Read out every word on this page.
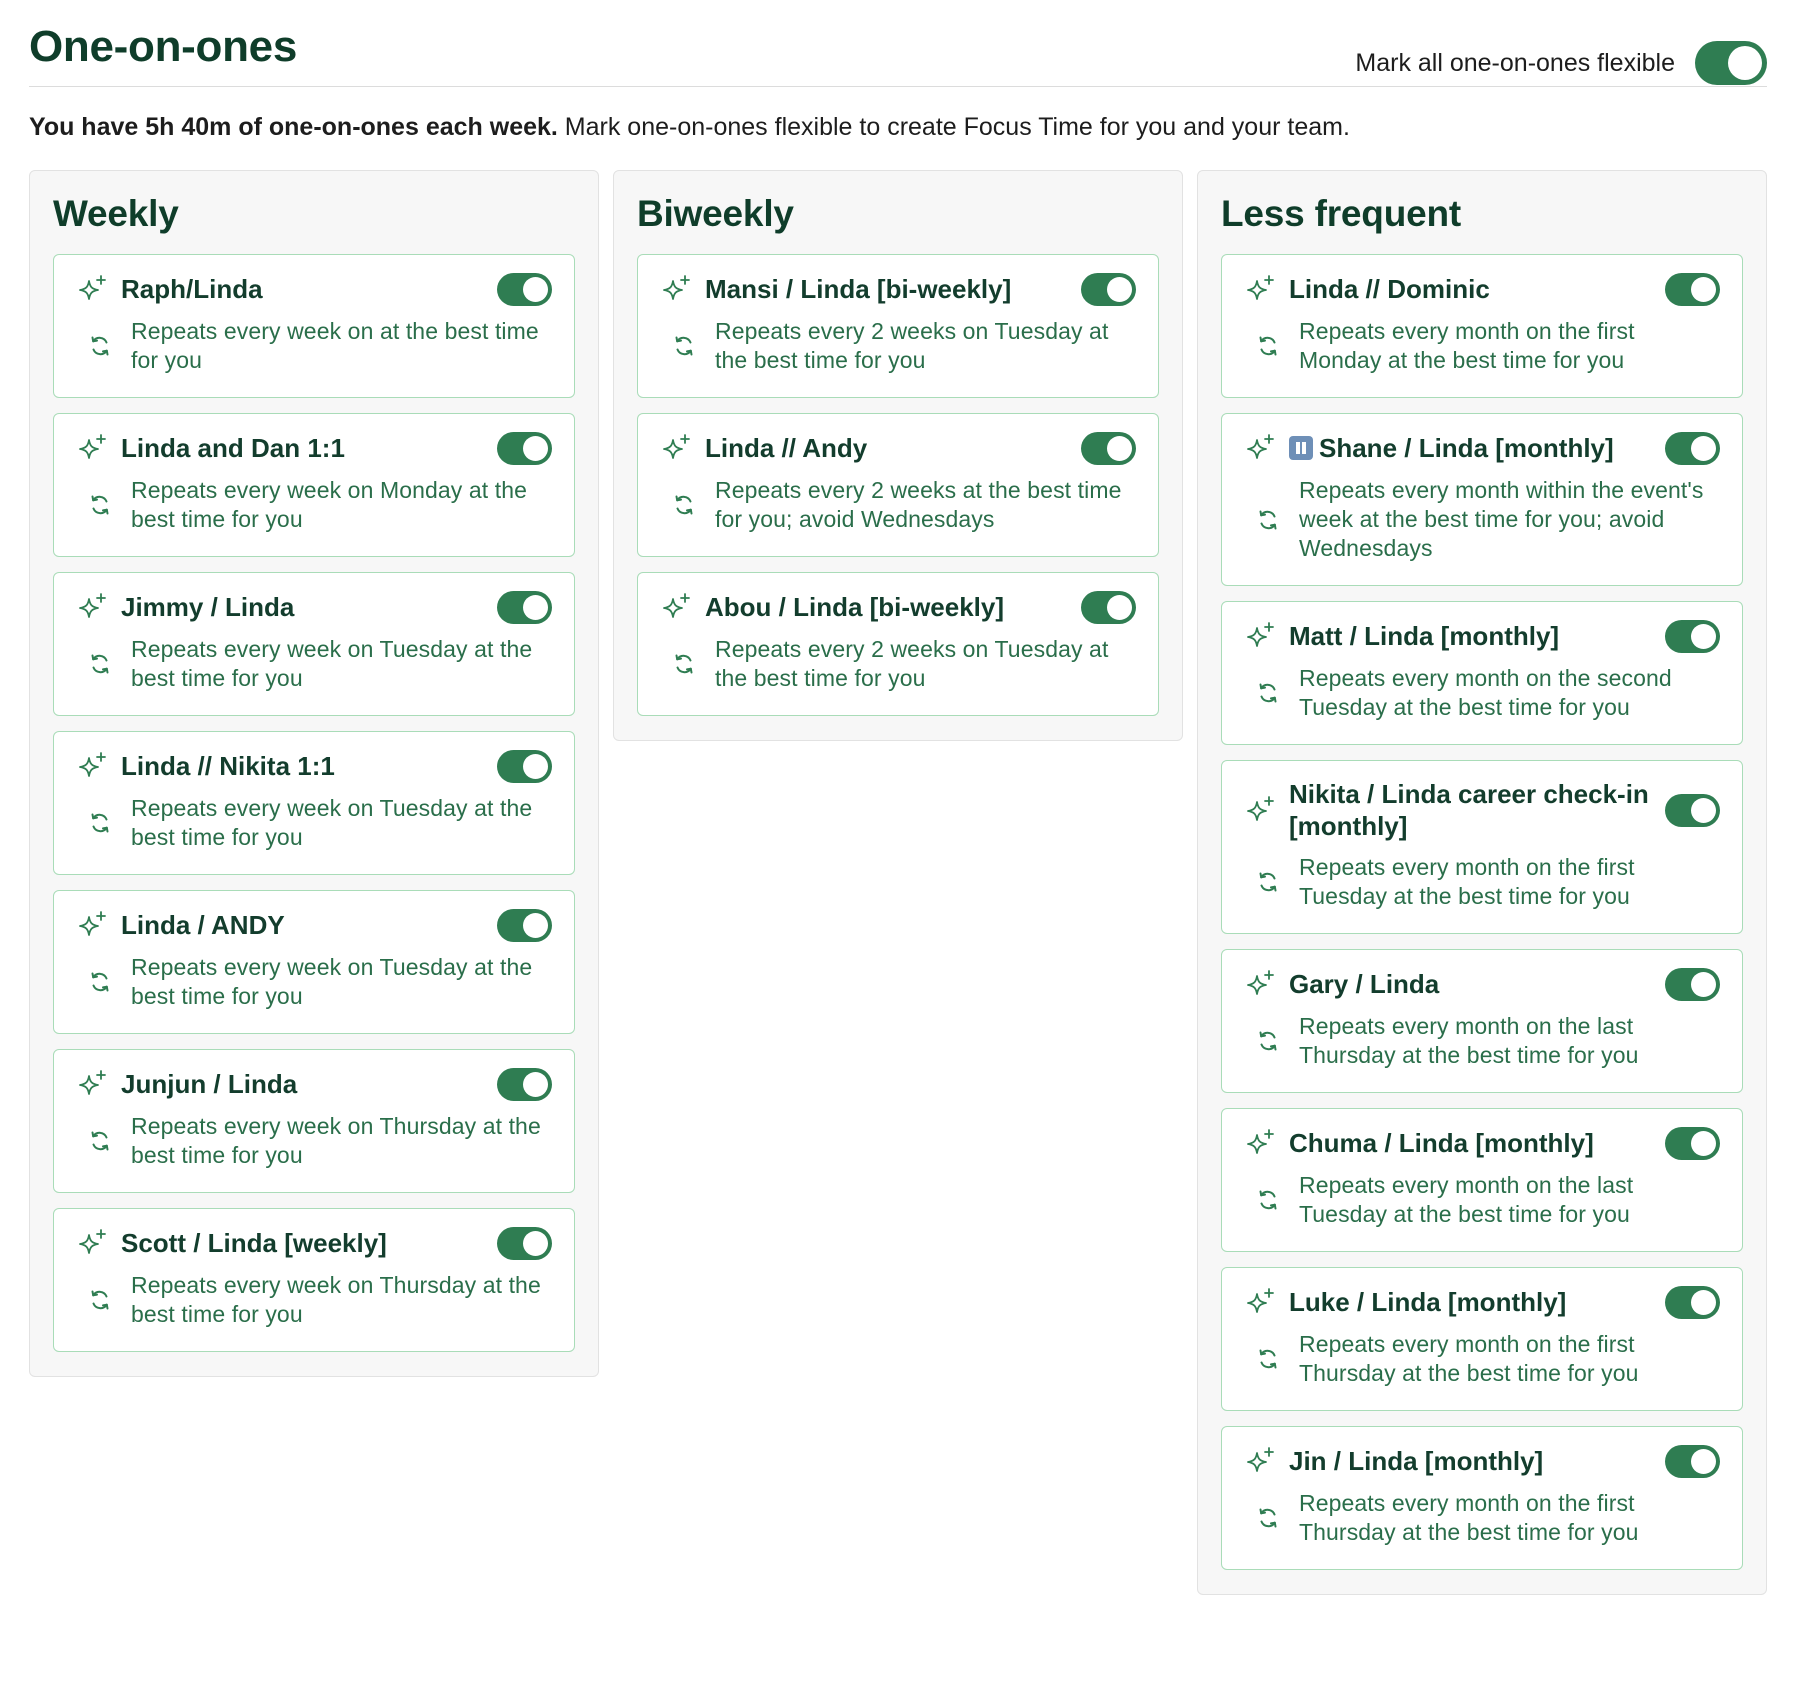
One-on-ones	Mark all one-on-ones flexible

You have 5h 40m of one-on-ones each week. Mark one-on-ones flexible to create Focus Time for you and your team.

Weekly
Raph/Linda
Repeats every week on at the best time for you
Linda and Dan 1:1
Repeats every week on Monday at the best time for you
Jimmy / Linda
Repeats every week on Tuesday at the best time for you
Linda // Nikita 1:1
Repeats every week on Tuesday at the best time for you
Linda / ANDY
Repeats every week on Tuesday at the best time for you
Junjun / Linda
Repeats every week on Thursday at the best time for you
Scott / Linda [weekly]
Repeats every week on Thursday at the best time for you
Biweekly
Mansi / Linda [bi-weekly]
Repeats every 2 weeks on Tuesday at the best time for you
Linda // Andy
Repeats every 2 weeks at the best time for you; avoid Wednesdays
Abou / Linda [bi-weekly]
Repeats every 2 weeks on Tuesday at the best time for you
Less frequent
Linda // Dominic
Repeats every month on the first Monday at the best time for you
Shane / Linda [monthly]
Repeats every month within the event's week at the best time for you; avoid Wednesdays
Matt / Linda [monthly]
Repeats every month on the second Tuesday at the best time for you
Nikita / Linda career check-in [monthly]
Repeats every month on the first Tuesday at the best time for you
Gary / Linda
Repeats every month on the last Thursday at the best time for you
Chuma / Linda [monthly]
Repeats every month on the last Tuesday at the best time for you
Luke / Linda [monthly]
Repeats every month on the first Thursday at the best time for you
Jin / Linda [monthly]
Repeats every month on the first Thursday at the best time for you
